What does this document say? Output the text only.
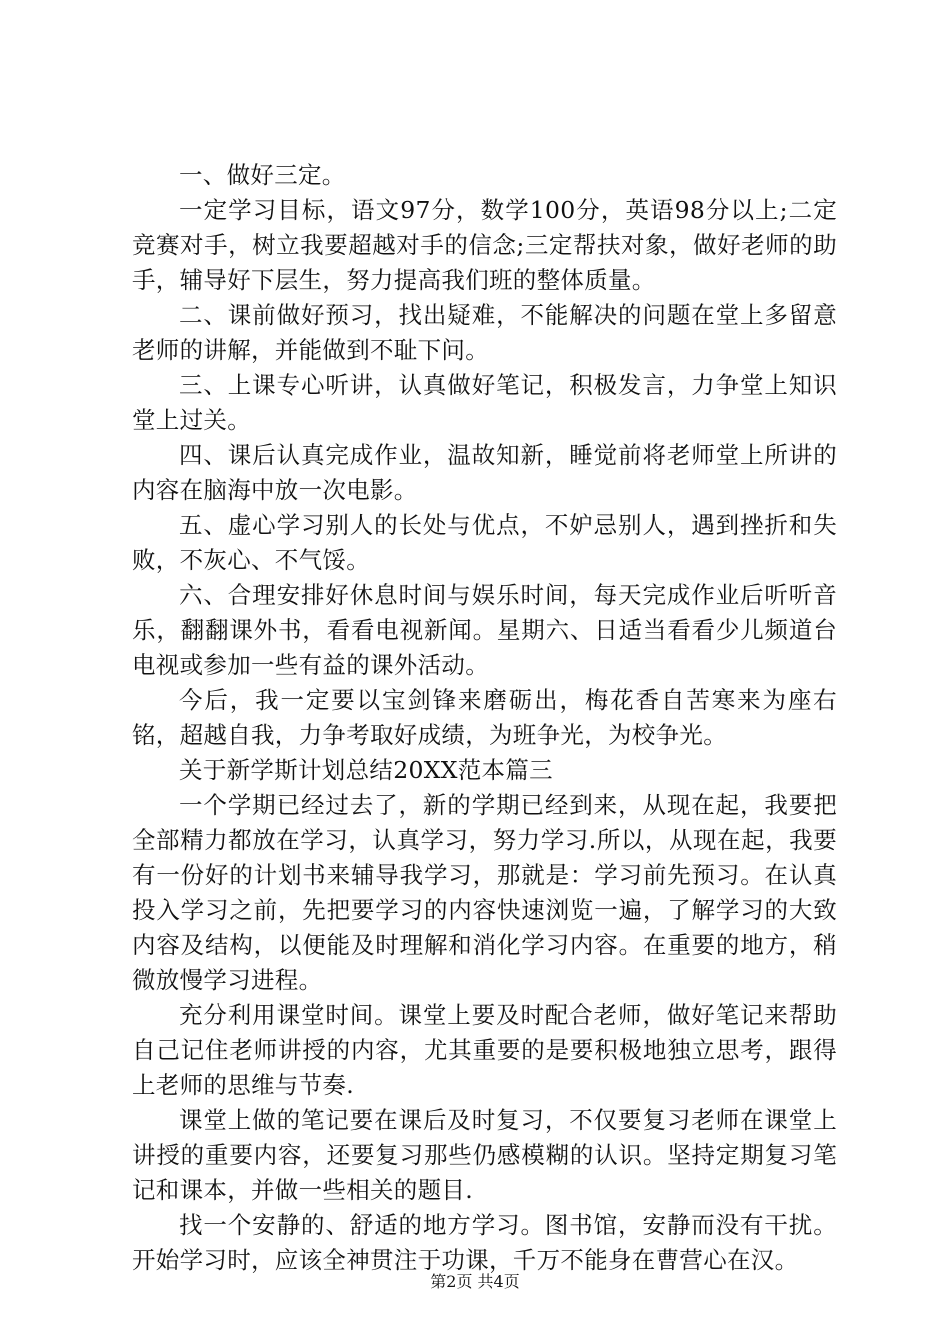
一、做好三定。

一定学习目标，语文97分，数学100分，英语98分以上;二定竞赛对手，树立我要超越对手的信念;三定帮扶对象，做好老师的助手，辅导好下层生，努力提高我们班的整体质量。

二、课前做好预习，找出疑难，不能解决的问题在堂上多留意老师的讲解，并能做到不耻下问。

三、上课专心听讲，认真做好笔记，积极发言，力争堂上知识堂上过关。

四、课后认真完成作业，温故知新，睡觉前将老师堂上所讲的内容在脑海中放一次电影。

五、虚心学习别人的长处与优点，不妒忌别人，遇到挫折和失败，不灰心、不气馁。

六、合理安排好休息时间与娱乐时间，每天完成作业后听听音乐，翻翻课外书，看看电视新闻。星期六、日适当看看少儿频道台电视或参加一些有益的课外活动。

今后，我一定要以宝剑锋来磨砺出，梅花香自苦寒来为座右铭，超越自我，力争考取好成绩，为班争光，为校争光。

关于新学斯计划总结20XX范本篇三

一个学期已经过去了，新的学期已经到来，从现在起，我要把全部精力都放在学习，认真学习，努力学习.所以，从现在起，我要有一份好的计划书来辅导我学习，那就是：学习前先预习。在认真投入学习之前，先把要学习的内容快速浏览一遍，了解学习的大致内容及结构，以便能及时理解和消化学习内容。在重要的地方，稍微放慢学习进程。

充分利用课堂时间。课堂上要及时配合老师，做好笔记来帮助自己记住老师讲授的内容，尤其重要的是要积极地独立思考，跟得上老师的思维与节奏.

课堂上做的笔记要在课后及时复习，不仅要复习老师在课堂上讲授的重要内容，还要复习那些仍感模糊的认识。坚持定期复习笔记和课本，并做一些相关的题目.

找一个安静的、舒适的地方学习。图书馆，安静而没有干扰。开始学习时，应该全神贯注于功课，千万不能身在曹营心在汉。

第2页 共4页
